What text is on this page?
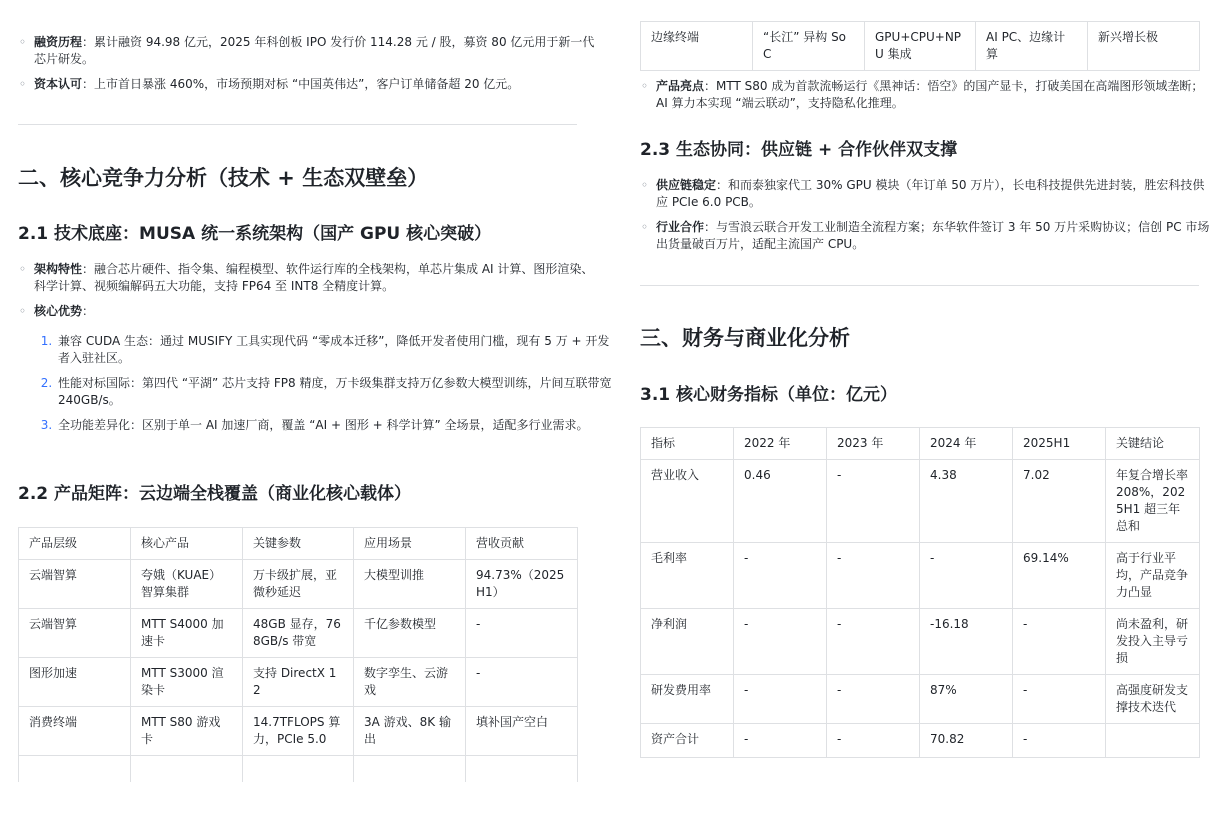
◦ 融资历程：累计融资 94.98 亿元，2025 年科创板 IPO 发行价 114.28 元 / 股，募资 80 亿元用于新一代芯片研发。
◦ 资本认可：上市首日暴涨 460%，市场预期对标 “中国英伟达”，客户订单储备超 20 亿元。
二、核心竞争力分析（技术 + 生态双壁垒）
2.1 技术底座：MUSA 统一系统架构（国产 GPU 核心突破）
◦ 架构特性：融合芯片硬件、指令集、编程模型、软件运行库的全栈架构，单芯片集成 AI 计算、图形渲染、科学计算、视频编解码五大功能，支持 FP64 至 INT8 全精度计算。
◦ 核心优势：
1. 兼容 CUDA 生态：通过 MUSIFY 工具实现代码 “零成本迁移”，降低开发者使用门槛，现有 5 万 + 开发者入驻社区。
2. 性能对标国际：第四代 “平湖” 芯片支持 FP8 精度，万卡级集群支持万亿参数大模型训练，片间互联带宽 240GB/s。
3. 全功能差异化：区别于单一 AI 加速厂商，覆盖 “AI + 图形 + 科学计算” 全场景，适配多行业需求。
2.2 产品矩阵：云边端全栈覆盖（商业化核心载体）
产品层级	核心产品	关键参数	应用场景	营收贡献
云端智算	夸娥（KUAE）智算集群	万卡级扩展，亚微秒延迟	大模型训推	94.73%（2025H1）
云端智算	MTT S4000 加速卡	48GB 显存，768GB/s 带宽	千亿参数模型	-
图形加速	MTT S3000 渲染卡	支持 DirectX 12	数字孪生、云游戏	-
消费终端	MTT S80 游戏卡	14.7TFLOPS 算力，PCIe 5.0	3A 游戏、8K 输出	填补国产空白

边缘终端	“长江” 异构 SoC	GPU+CPU+NPU 集成	AI PC、边缘计算	新兴增长极
◦ 产品亮点：MTT S80 成为首款流畅运行《黑神话：悟空》的国产显卡，打破美国在高端图形领域垄断；AI 算力本实现 “端云联动”，支持隐私化推理。
2.3 生态协同：供应链 + 合作伙伴双支撑
◦ 供应链稳定：和而泰独家代工 30% GPU 模块（年订单 50 万片），长电科技提供先进封装，胜宏科技供应 PCIe 6.0 PCB。
◦ 行业合作：与雪浪云联合开发工业制造全流程方案；东华软件签订 3 年 50 万片采购协议；信创 PC 市场出货量破百万片，适配主流国产 CPU。
三、财务与商业化分析
3.1 核心财务指标（单位：亿元）
指标	2022 年	2023 年	2024 年	2025H1	关键结论
营业收入	0.46	-	4.38	7.02	年复合增长率 208%，2025H1 超三年总和
毛利率	-	-	-	69.14%	高于行业平均，产品竞争力凸显
净利润	-	-	-16.18	-	尚未盈利，研发投入主导亏损
研发费用率	-	-	87%	-	高强度研发支撑技术迭代
资产合计	-	-	70.82	-	
